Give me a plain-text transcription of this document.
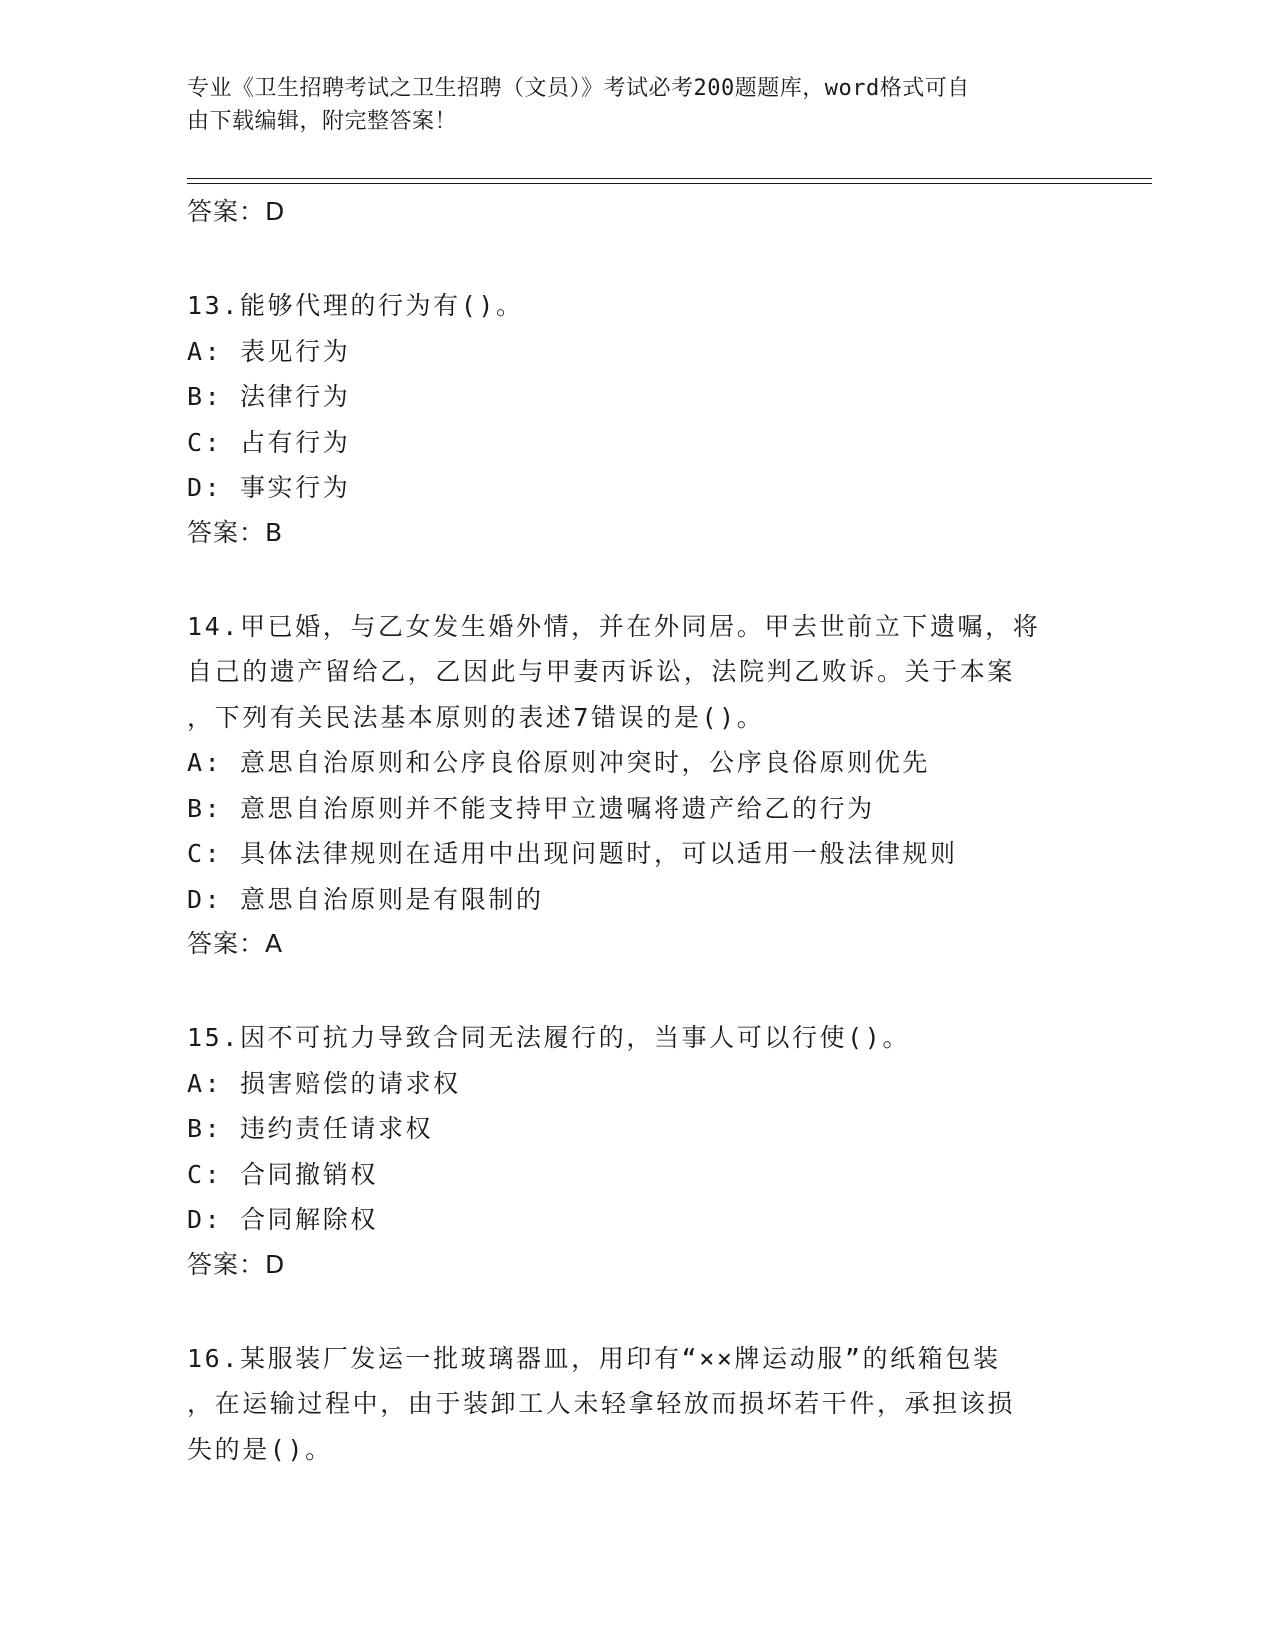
专业《卫生招聘考试之卫生招聘（文员）》考试必考200题题库，word格式可自
由下载编辑，附完整答案！
答案：D
13.能够代理的行为有()。
A: 表见行为
B: 法律行为
C: 占有行为
D: 事实行为
答案：B
14.甲已婚，与乙女发生婚外情，并在外同居。甲去世前立下遗嘱，将
自己的遗产留给乙，乙因此与甲妻丙诉讼，法院判乙败诉。关于本案
，下列有关民法基本原则的表述7错误的是()。
A: 意思自治原则和公序良俗原则冲突时，公序良俗原则优先
B: 意思自治原则并不能支持甲立遗嘱将遗产给乙的行为
C: 具体法律规则在适用中出现问题时，可以适用一般法律规则
D: 意思自治原则是有限制的
答案：A
15.因不可抗力导致合同无法履行的，当事人可以行使()。
A: 损害赔偿的请求权
B: 违约责任请求权
C: 合同撤销权
D: 合同解除权
答案：D
16.某服装厂发运一批玻璃器皿，用印有“××牌运动服”的纸箱包装
，在运输过程中，由于装卸工人未轻拿轻放而损坏若干件，承担该损
失的是()。
